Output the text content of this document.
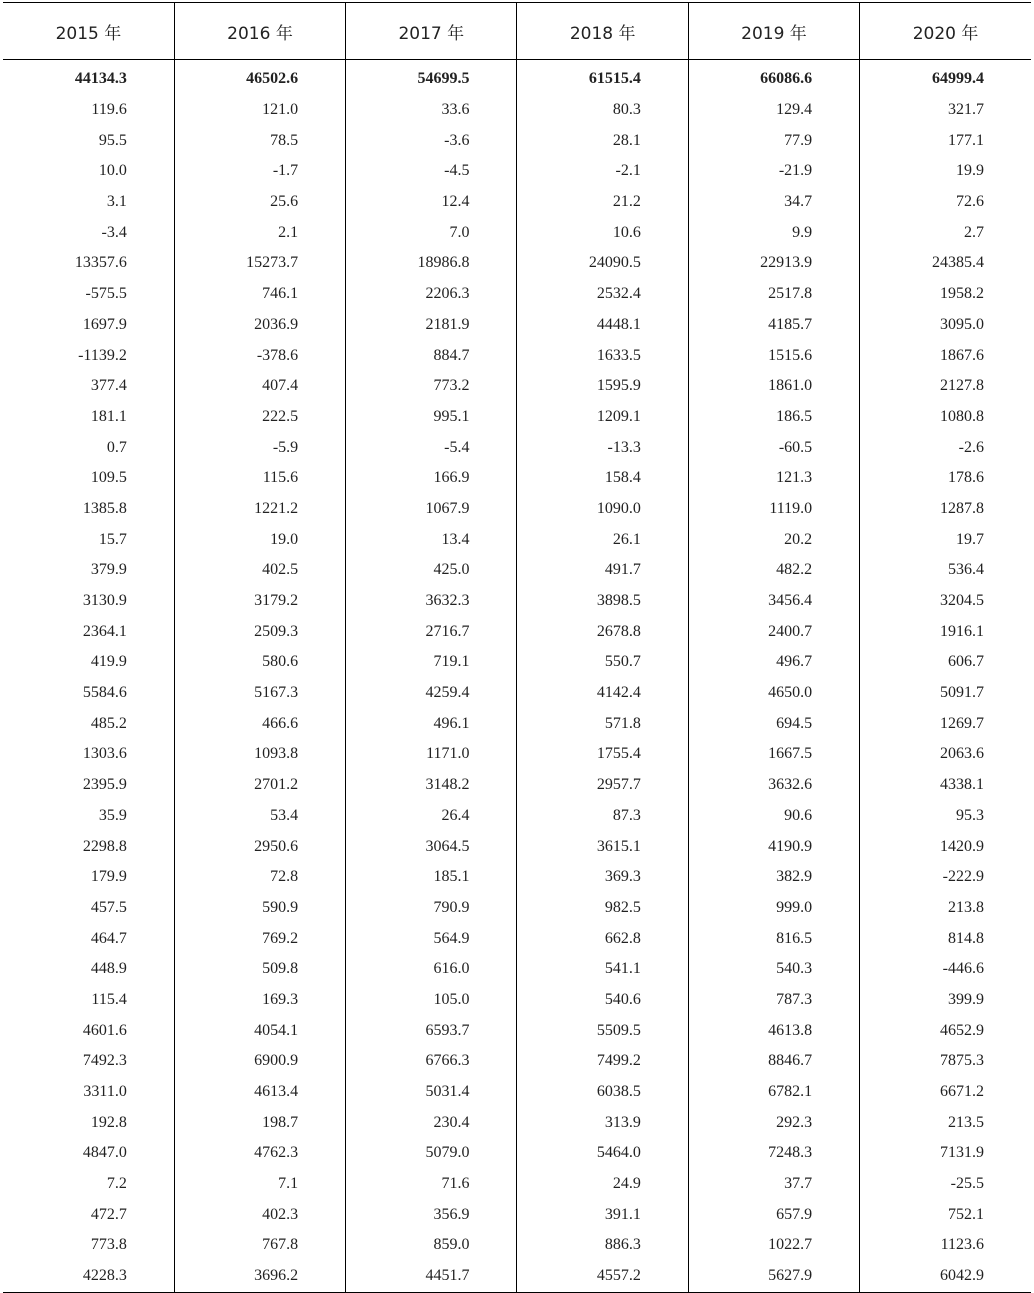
2015 年	2016 年	2017 年	2018 年	2019 年	2020 年
44134.3	46502.6	54699.5	61515.4	66086.6	64999.4
119.6	121.0	33.6	80.3	129.4	321.7
95.5	78.5	-3.6	28.1	77.9	177.1
10.0	-1.7	-4.5	-2.1	-21.9	19.9
3.1	25.6	12.4	21.2	34.7	72.6
-3.4	2.1	7.0	10.6	9.9	2.7
13357.6	15273.7	18986.8	24090.5	22913.9	24385.4
-575.5	746.1	2206.3	2532.4	2517.8	1958.2
1697.9	2036.9	2181.9	4448.1	4185.7	3095.0
-1139.2	-378.6	884.7	1633.5	1515.6	1867.6
377.4	407.4	773.2	1595.9	1861.0	2127.8
181.1	222.5	995.1	1209.1	186.5	1080.8
0.7	-5.9	-5.4	-13.3	-60.5	-2.6
109.5	115.6	166.9	158.4	121.3	178.6
1385.8	1221.2	1067.9	1090.0	1119.0	1287.8
15.7	19.0	13.4	26.1	20.2	19.7
379.9	402.5	425.0	491.7	482.2	536.4
3130.9	3179.2	3632.3	3898.5	3456.4	3204.5
2364.1	2509.3	2716.7	2678.8	2400.7	1916.1
419.9	580.6	719.1	550.7	496.7	606.7
5584.6	5167.3	4259.4	4142.4	4650.0	5091.7
485.2	466.6	496.1	571.8	694.5	1269.7
1303.6	1093.8	1171.0	1755.4	1667.5	2063.6
2395.9	2701.2	3148.2	2957.7	3632.6	4338.1
35.9	53.4	26.4	87.3	90.6	95.3
2298.8	2950.6	3064.5	3615.1	4190.9	1420.9
179.9	72.8	185.1	369.3	382.9	-222.9
457.5	590.9	790.9	982.5	999.0	213.8
464.7	769.2	564.9	662.8	816.5	814.8
448.9	509.8	616.0	541.1	540.3	-446.6
115.4	169.3	105.0	540.6	787.3	399.9
4601.6	4054.1	6593.7	5509.5	4613.8	4652.9
7492.3	6900.9	6766.3	7499.2	8846.7	7875.3
3311.0	4613.4	5031.4	6038.5	6782.1	6671.2
192.8	198.7	230.4	313.9	292.3	213.5
4847.0	4762.3	5079.0	5464.0	7248.3	7131.9
7.2	7.1	71.6	24.9	37.7	-25.5
472.7	402.3	356.9	391.1	657.9	752.1
773.8	767.8	859.0	886.3	1022.7	1123.6
4228.3	3696.2	4451.7	4557.2	5627.9	6042.9
